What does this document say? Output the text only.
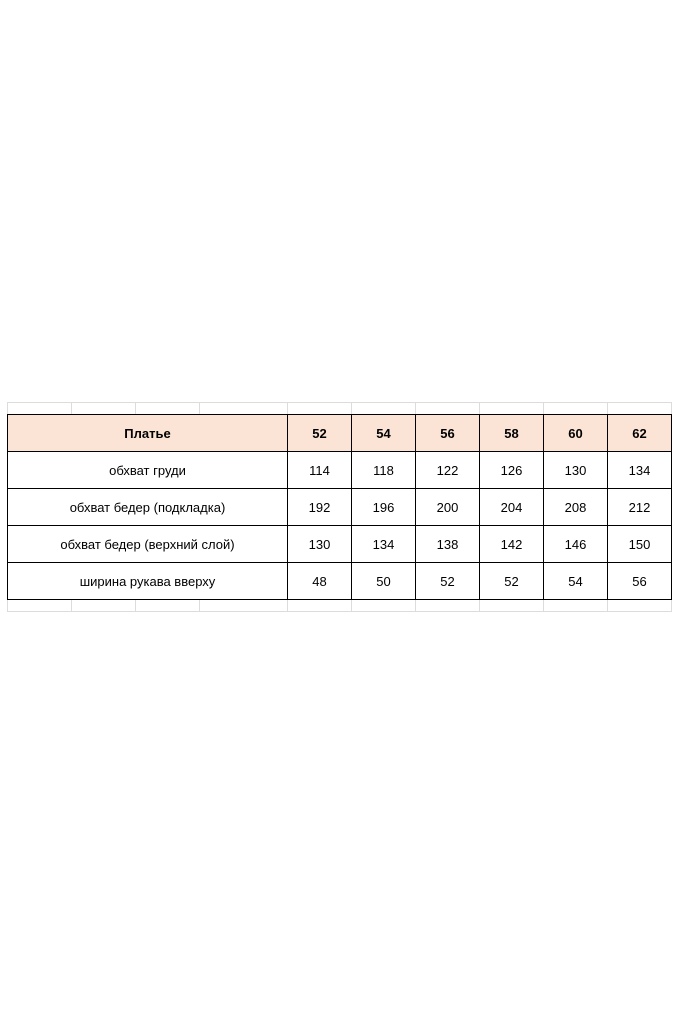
Платье	52	54	56	58	60	62
обхват груди	114	118	122	126	130	134
обхват бедер (подкладка)	192	196	200	204	208	212
обхват бедер (верхний слой)	130	134	138	142	146	150
ширина рукава вверху	48	50	52	52	54	56
